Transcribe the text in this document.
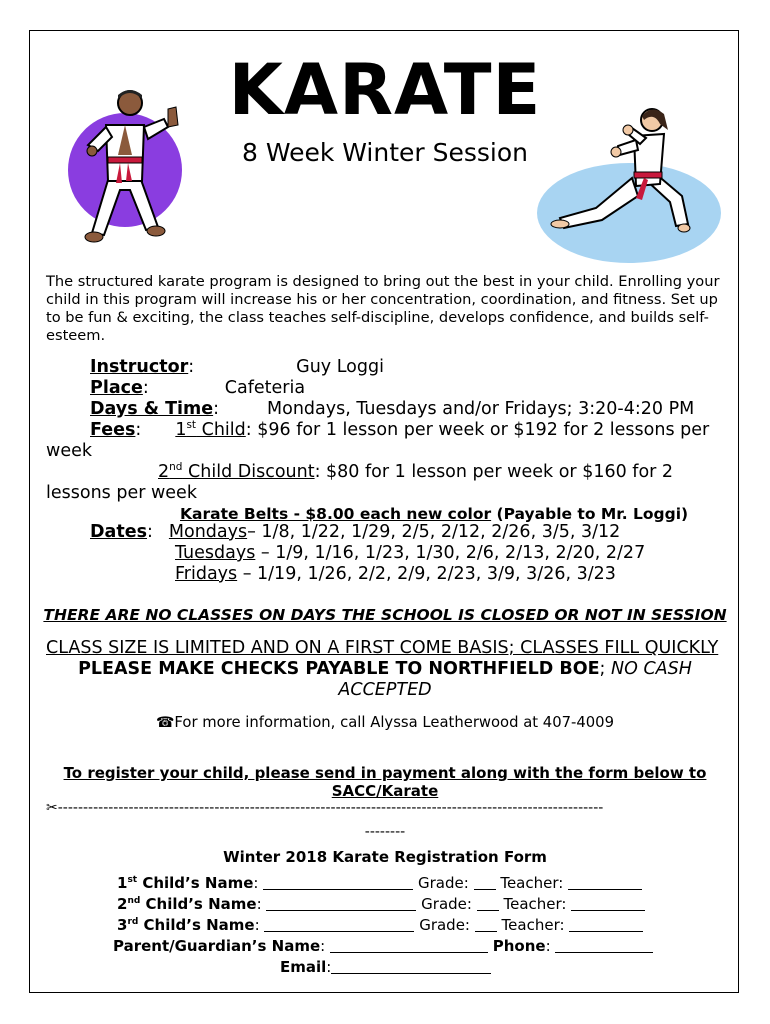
KARATE
8 Week Winter Session
The structured karate program is designed to bring out the best in your child. Enrolling your child in this program will increase his or her concentration, coordination, and fitness. Set up to be fun & exciting, the class teaches self-discipline, develops confidence, and builds self-esteem.
Instructor:	Guy Loggi
Place:	Cafeteria
Days & Time:	Mondays, Tuesdays and/or Fridays; 3:20-4:20 PM
Fees: 1st Child: $96 for 1 lesson per week or $192 for 2 lessons per
week
2nd Child Discount: $80 for 1 lesson per week or $160 for 2
lessons per week
Karate Belts - $8.00 each new color (Payable to Mr. Loggi)
Dates: Mondays– 1/8, 1/22, 1/29, 2/5, 2/12, 2/26, 3/5, 3/12
Tuesdays – 1/9, 1/16, 1/23, 1/30, 2/6, 2/13, 2/20, 2/27
Fridays – 1/19, 1/26, 2/2, 2/9, 2/23, 3/9, 3/26, 3/23
THERE ARE NO CLASSES ON DAYS THE SCHOOL IS CLOSED OR NOT IN SESSION
CLASS SIZE IS LIMITED AND ON A FIRST COME BASIS; CLASSES FILL QUICKLY
PLEASE MAKE CHECKS PAYABLE TO NORTHFIELD BOE; NO CASH ACCEPTED
☎For more information, call Alyssa Leatherwood at 407-4009
To register your child, please send in payment along with the form below to SACC/Karate
✂------------------------------------------------------------------------------------------------------------
--------
Winter 2018 Karate Registration Form
1st Child’s Name:	Grade:  Teacher:
2nd Child’s Name:	Grade:  Teacher:
3rd Child’s Name:	Grade:  Teacher:
Parent/Guardian’s Name:	Phone:
Email:
